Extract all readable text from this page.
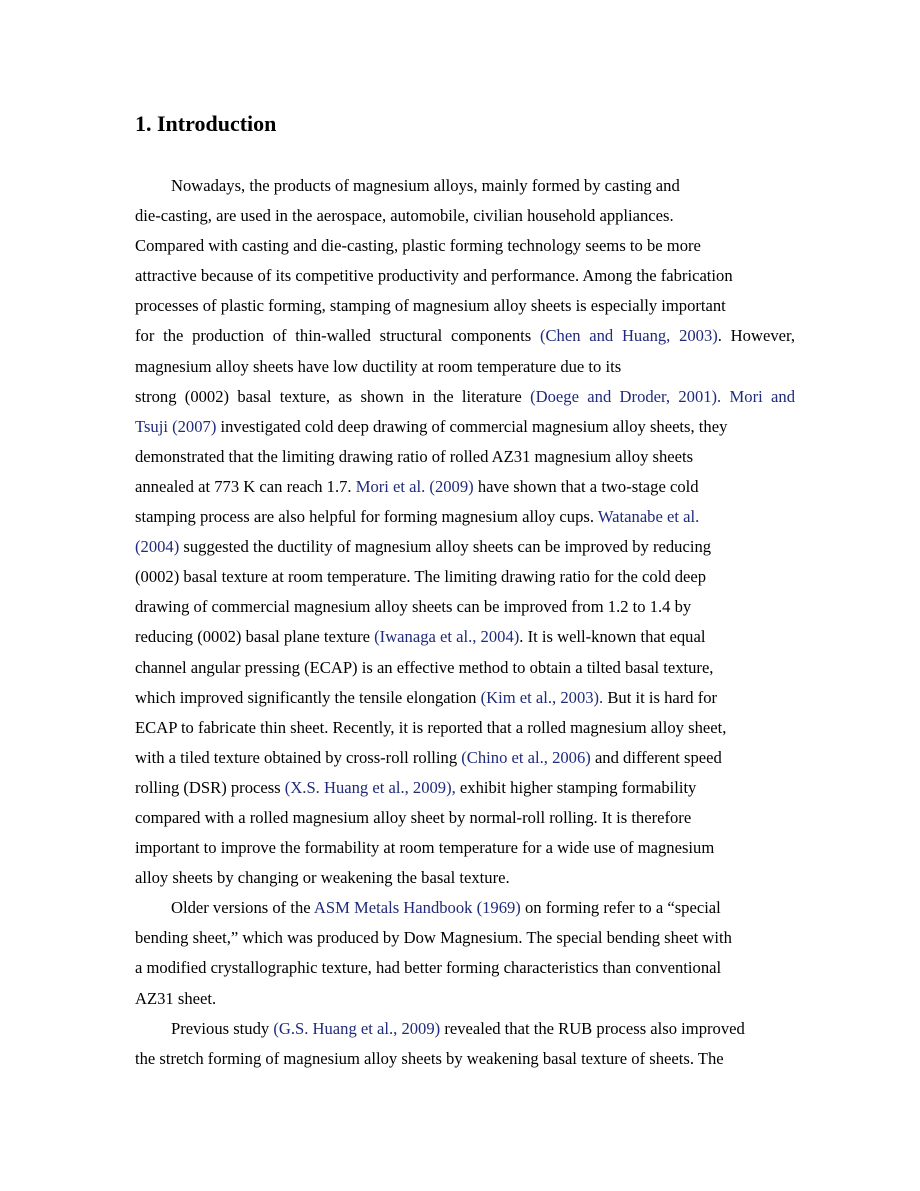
1. Introduction
Nowadays, the products of magnesium alloys, mainly formed by casting and
die-casting, are used in the aerospace, automobile, civilian household appliances.
Compared with casting and die-casting, plastic forming technology seems to be more
attractive because of its competitive productivity and performance. Among the fabrication
processes of plastic forming, stamping of magnesium alloy sheets is especially important
for the production of thin-walled structural components (Chen and Huang, 2003). However,
magnesium alloy sheets have low ductility at room temperature due to its
strong (0002) basal texture, as shown in the literature (Doege and Droder, 2001). Mori and
Tsuji (2007) investigated cold deep drawing of commercial magnesium alloy sheets, they
demonstrated that the limiting drawing ratio of rolled AZ31 magnesium alloy sheets
annealed at 773 K can reach 1.7. Mori et al. (2009) have shown that a two-stage cold
stamping process are also helpful for forming magnesium alloy cups. Watanabe et al.
(2004) suggested the ductility of magnesium alloy sheets can be improved by reducing
(0002) basal texture at room temperature. The limiting drawing ratio for the cold deep
drawing of commercial magnesium alloy sheets can be improved from 1.2 to 1.4 by
reducing (0002) basal plane texture (Iwanaga et al., 2004). It is well-known that equal
channel angular pressing (ECAP) is an effective method to obtain a tilted basal texture,
which improved significantly the tensile elongation (Kim et al., 2003). But it is hard for
ECAP to fabricate thin sheet. Recently, it is reported that a rolled magnesium alloy sheet,
with a tiled texture obtained by cross-roll rolling (Chino et al., 2006) and different speed
rolling (DSR) process (X.S. Huang et al., 2009), exhibit higher stamping formability
compared with a rolled magnesium alloy sheet by normal-roll rolling. It is therefore
important to improve the formability at room temperature for a wide use of magnesium
alloy sheets by changing or weakening the basal texture.
Older versions of the ASM Metals Handbook (1969) on forming refer to a “special
bending sheet,” which was produced by Dow Magnesium. The special bending sheet with
a modified crystallographic texture, had better forming characteristics than conventional
AZ31 sheet.
Previous study (G.S. Huang et al., 2009) revealed that the RUB process also improved
the stretch forming of magnesium alloy sheets by weakening basal texture of sheets. The
